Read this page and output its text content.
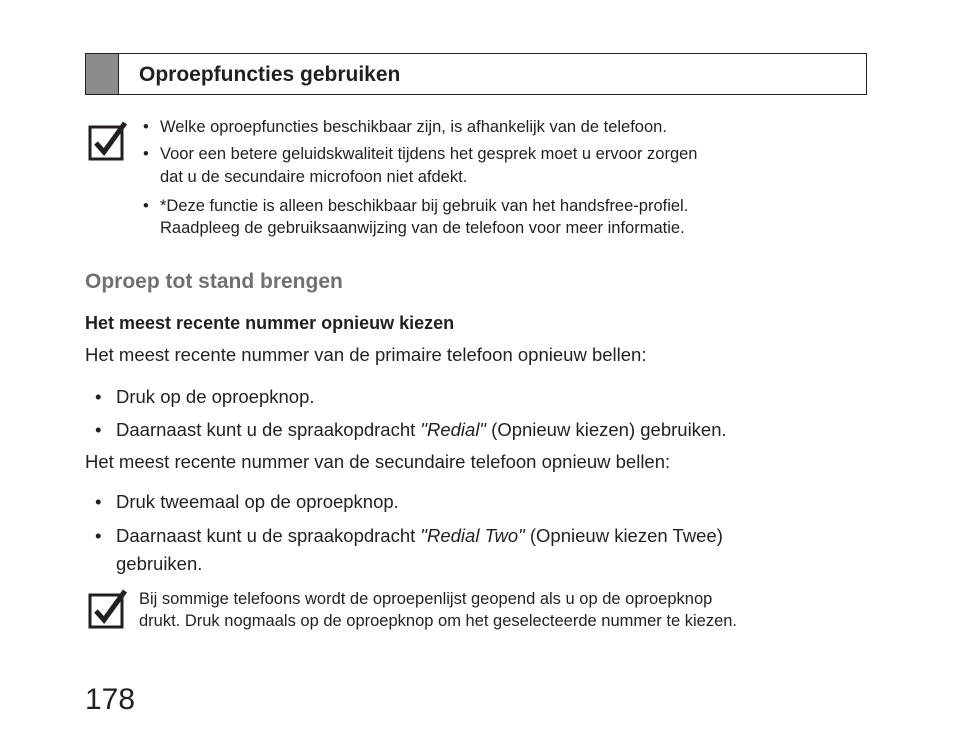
Oproepfuncties gebruiken
• Welke oproepfuncties beschikbaar zijn, is afhankelijk van de telefoon.
• Voor een betere geluidskwaliteit tijdens het gesprek moet u ervoor zorgen
dat u de secundaire microfoon niet afdekt.
• *Deze functie is alleen beschikbaar bij gebruik van het handsfree-profiel.
Raadpleeg de gebruiksaanwijzing van de telefoon voor meer informatie.
Oproep tot stand brengen
Het meest recente nummer opnieuw kiezen
Het meest recente nummer van de primaire telefoon opnieuw bellen:
• Druk op de oproepknop.
• Daarnaast kunt u de spraakopdracht "Redial" (Opnieuw kiezen) gebruiken.
Het meest recente nummer van de secundaire telefoon opnieuw bellen:
• Druk tweemaal op de oproepknop.
• Daarnaast kunt u de spraakopdracht "Redial Two" (Opnieuw kiezen Twee)
gebruiken.
Bij sommige telefoons wordt de oproepenlijst geopend als u op de oproepknop
drukt. Druk nogmaals op de oproepknop om het geselecteerde nummer te kiezen.
178
